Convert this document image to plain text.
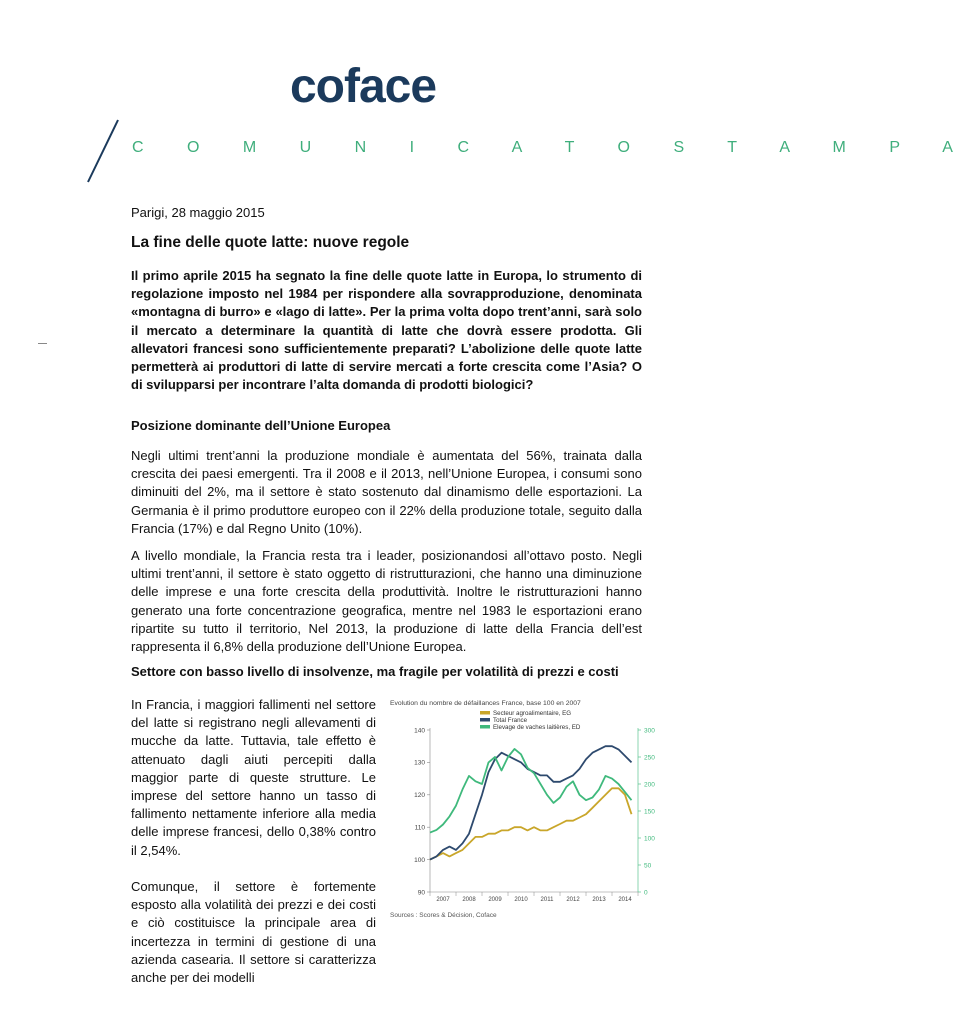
coface
C O M U N I C A T O S T A M P A
Parigi, 28 maggio 2015
La fine delle quote latte: nuove regole

Il primo aprile 2015 ha segnato la fine delle quote latte in Europa, lo strumento di regolazione imposto nel 1984 per rispondere alla sovrapproduzione, denominata «montagna di burro» e «lago di latte». Per la prima volta dopo trent’anni, sarà solo il mercato a determinare la quantità di latte che dovrà essere prodotta. Gli allevatori francesi sono sufficientemente preparati? L’abolizione delle quote latte permetterà ai produttori di latte di servire mercati a forte crescita come l’Asia? O di svilupparsi per incontrare l’alta domanda di prodotti biologici?

Posizione dominante dell’Unione Europea

Negli ultimi trent’anni la produzione mondiale è aumentata del 56%, trainata dalla crescita dei paesi emergenti. Tra il 2008 e il 2013, nell’Unione Europea, i consumi sono diminuiti del 2%, ma il settore è stato sostenuto dal dinamismo delle esportazioni. La Germania è il primo produttore europeo con il 22% della produzione totale, seguito dalla Francia (17%) e dal Regno Unito (10%).

A livello mondiale, la Francia resta tra i leader, posizionandosi all’ottavo posto. Negli ultimi trent’anni, il settore è stato oggetto di ristrutturazioni, che hanno una diminuzione delle imprese e una forte crescita della produttività. Inoltre le ristrutturazioni hanno generato una forte concentrazione geografica, mentre nel 1983 le esportazioni erano ripartite su tutto il territorio, Nel 2013, la produzione di latte della Francia dell’est rappresenta il 6,8% della produzione dell’Unione Europea.

Settore con basso livello di insolvenze, ma fragile per volatilità di prezzi e costi

In Francia, i maggiori fallimenti nel settore del latte si registrano negli allevamenti di mucche da latte. Tuttavia, tale effetto è attenuato dagli aiuti percepiti dalla maggior parte di queste strutture. Le imprese del settore hanno un tasso di fallimento nettamente inferiore alla media delle imprese francesi, dello 0,38% contro il 2,54%.

Comunque, il settore è fortemente esposto alla volatilità dei prezzi e dei costi e ciò costituisce la principale area di incertezza in termini di gestione di una azienda casearia. Il settore si caratterizza anche per dei modelli

Evolution du nombre de défaillances France, base 100 en 2007
Secteur agroalimentaire, EG
Total France
Elevage de vaches laitières, ED
90
100
110
120
130
140
0
50
100
150
200
250
300
2007 2008 2009 2010 2011 2012 2013 2014
Sources : Scores & Décision, Coface
